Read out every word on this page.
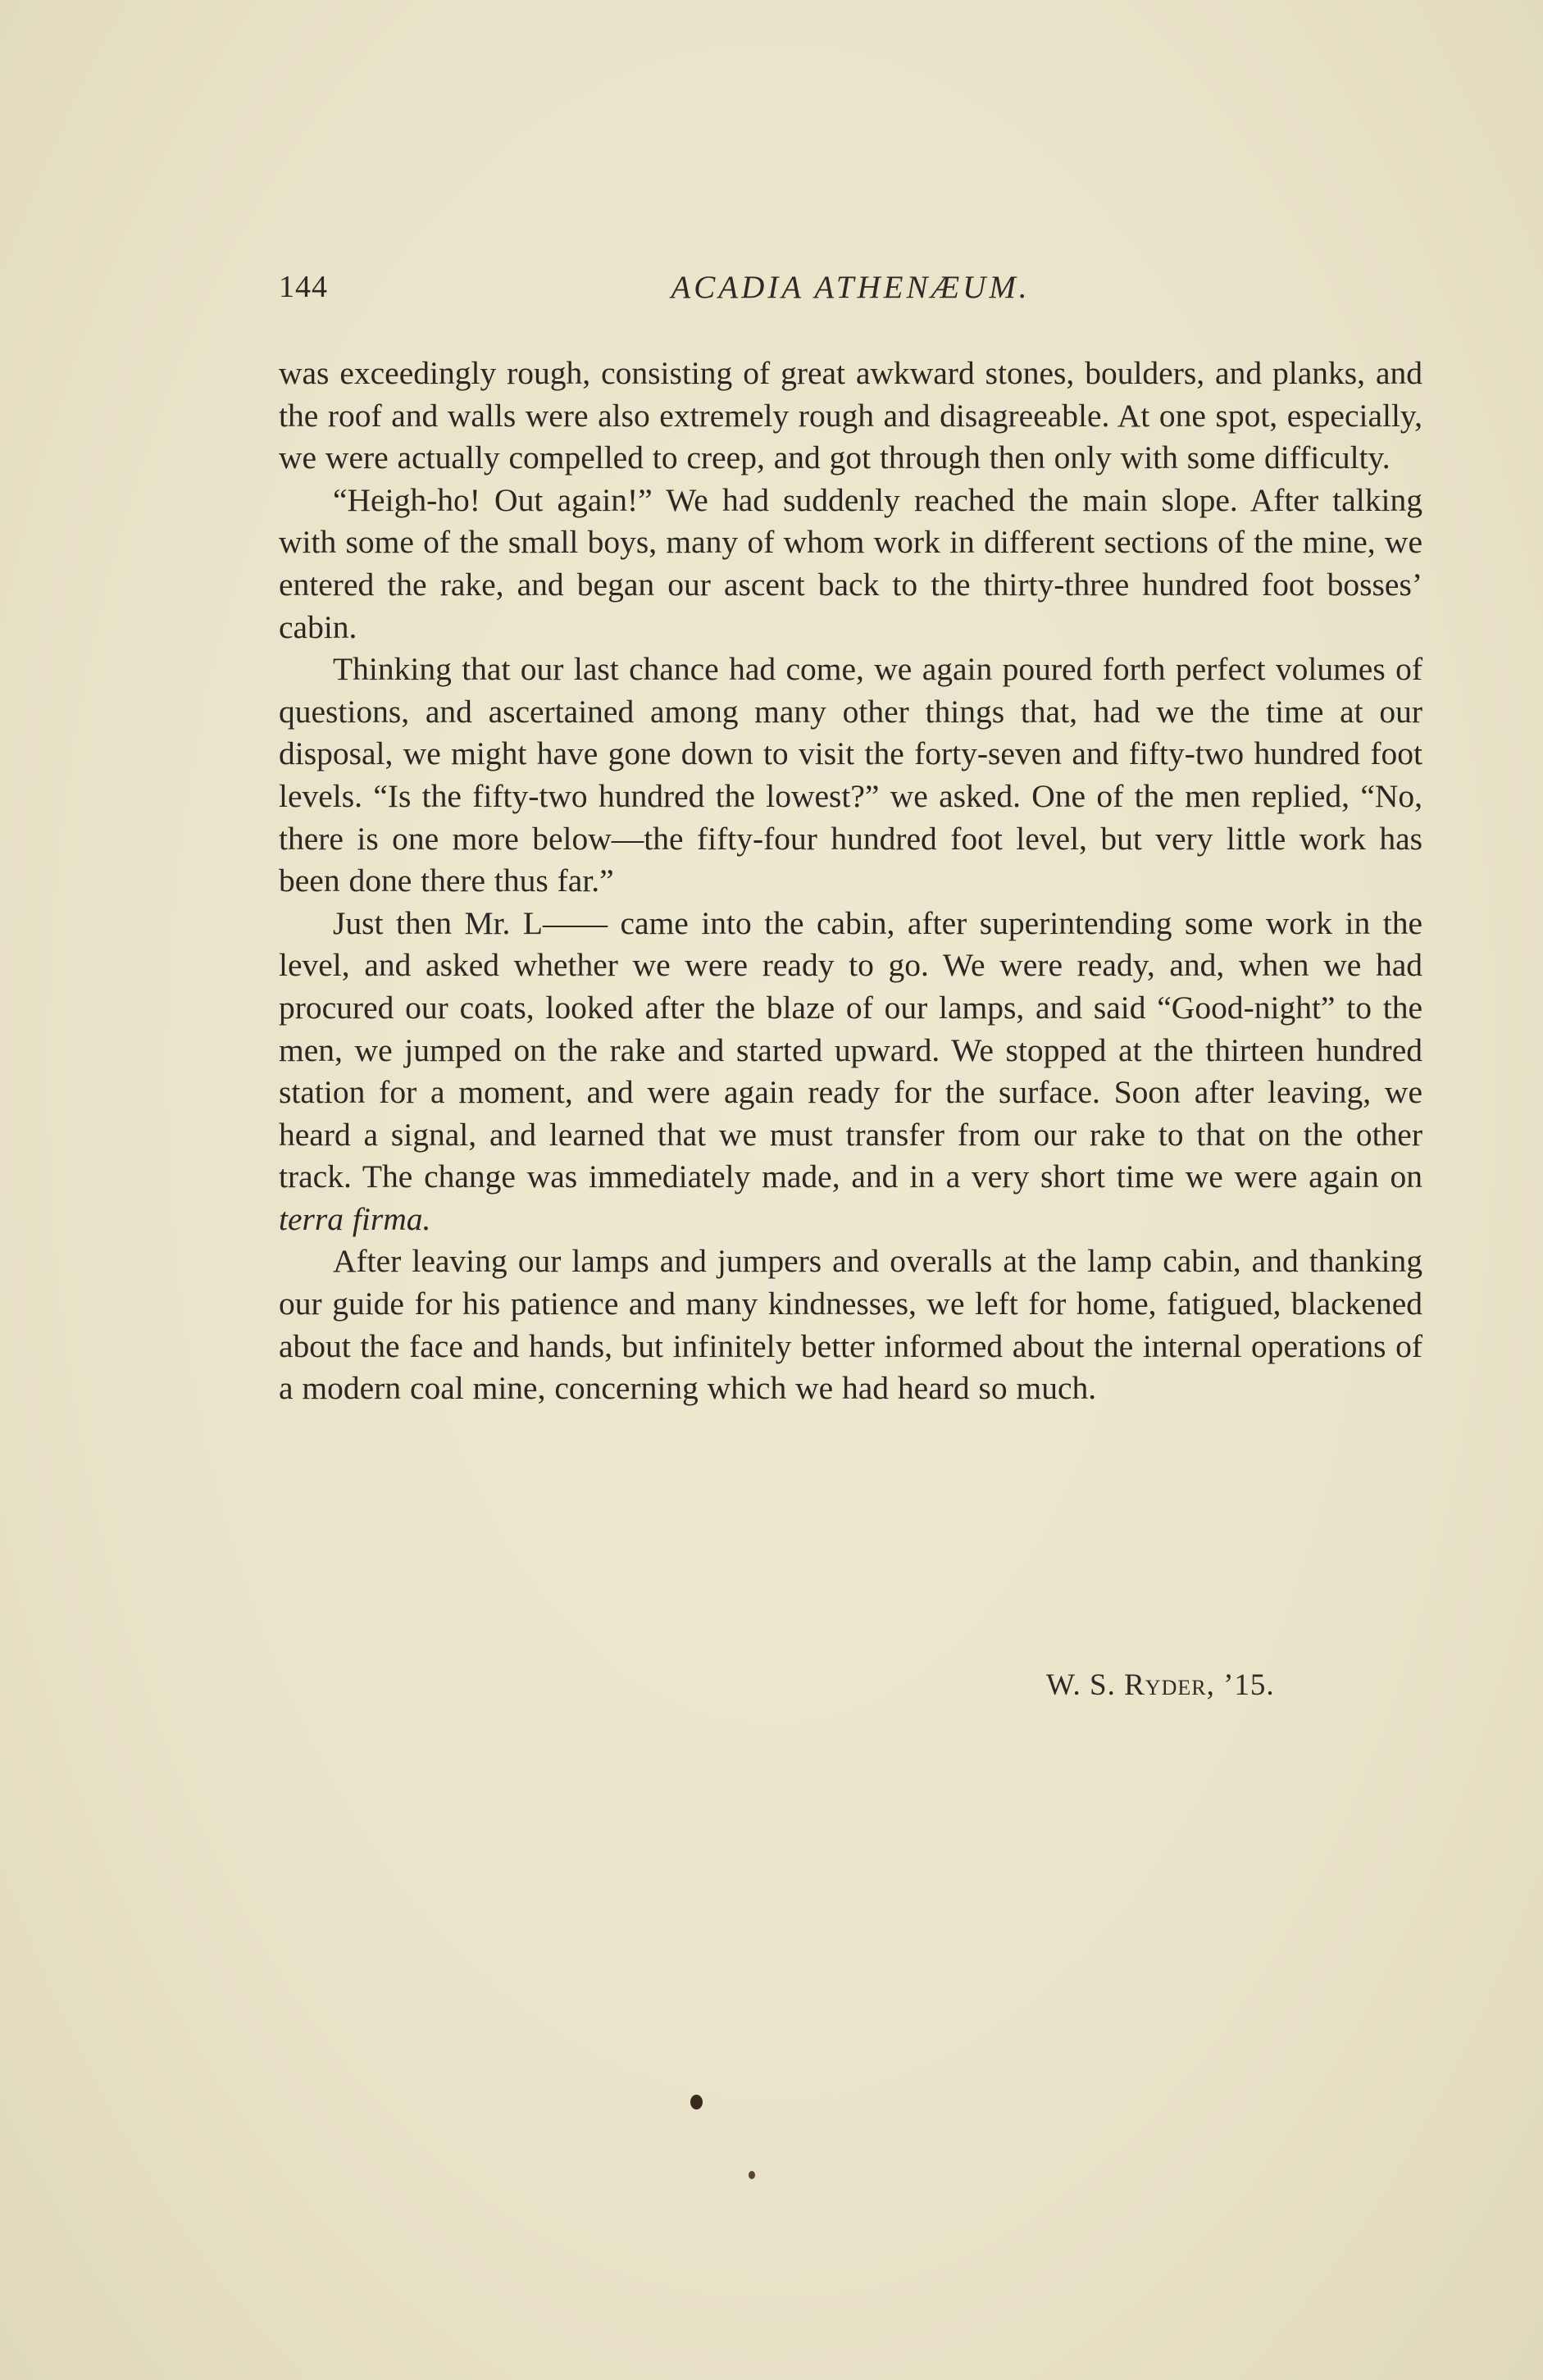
144	ACADIA ATHENÆUM.

was exceedingly rough, consisting of great awkward stones, boulders, and planks, and the roof and walls were also extremely rough and disagreeable. At one spot, especially, we were actually compelled to creep, and got through then only with some difficulty.

“Heigh-ho! Out again!” We had suddenly reached the main slope. After talking with some of the small boys, many of whom work in different sections of the mine, we entered the rake, and began our ascent back to the thirty-three hundred foot bosses’ cabin.

Thinking that our last chance had come, we again poured forth perfect volumes of questions, and ascertained among many other things that, had we the time at our disposal, we might have gone down to visit the forty-seven and fifty-two hundred foot levels. “Is the fifty-two hundred the lowest?” we asked. One of the men replied, “No, there is one more below—the fifty-four hundred foot level, but very little work has been done there thus far.”

Just then Mr. L—— came into the cabin, after superintending some work in the level, and asked whether we were ready to go. We were ready, and, when we had procured our coats, looked after the blaze of our lamps, and said “Good-night” to the men, we jumped on the rake and started upward. We stopped at the thirteen hundred station for a moment, and were again ready for the surface. Soon after leaving, we heard a signal, and learned that we must transfer from our rake to that on the other track. The change was immediately made, and in a very short time we were again on terra firma.

After leaving our lamps and jumpers and overalls at the lamp cabin, and thanking our guide for his patience and many kindnesses, we left for home, fatigued, blackened about the face and hands, but infinitely better informed about the internal operations of a modern coal mine, concerning which we had heard so much.

W. S. Ryder, ’15.
